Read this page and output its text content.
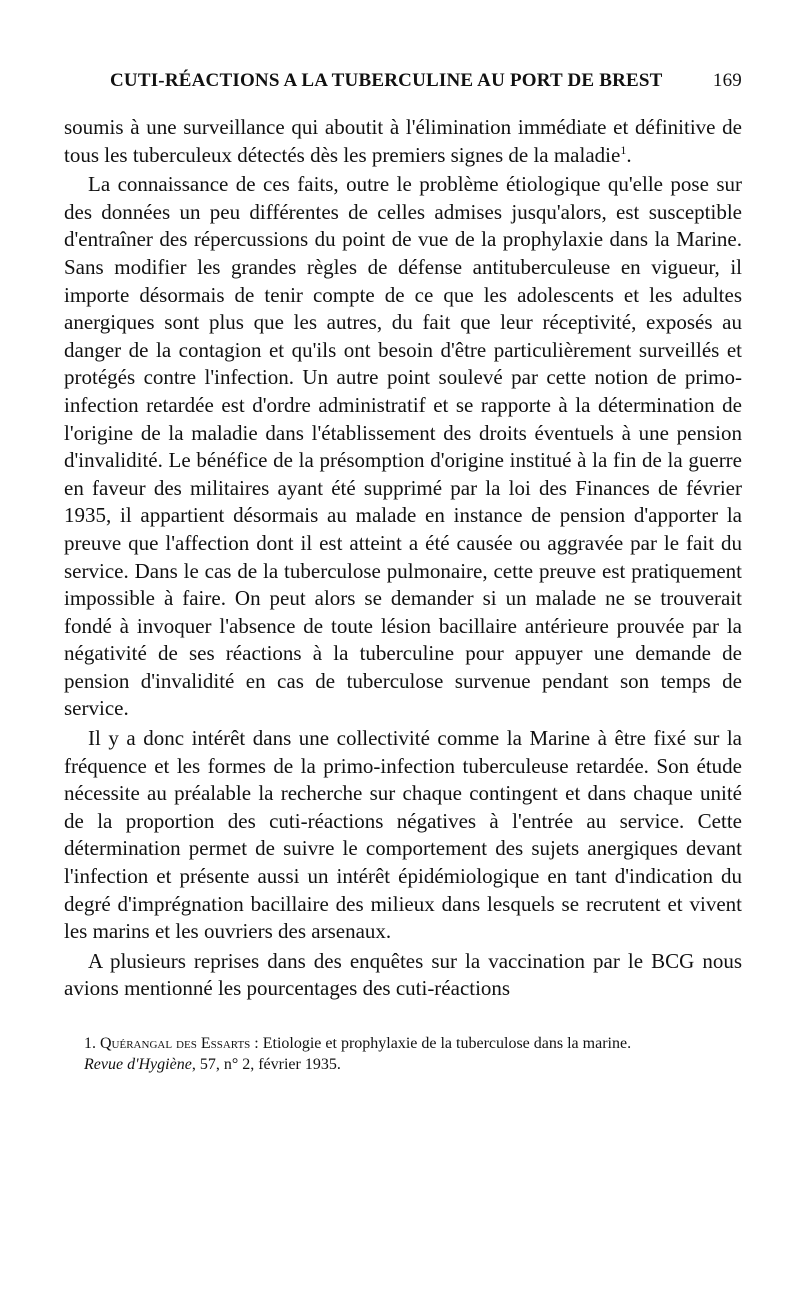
CUTI-RÉACTIONS A LA TUBERCULINE AU PORT DE BREST	169

soumis à une surveillance qui aboutit à l'élimination immédiate et définitive de tous les tuberculeux détectés dès les premiers signes de la maladie$^1$.

La connaissance de ces faits, outre le problème étiologique qu'elle pose sur des données un peu différentes de celles admises jusqu'alors, est susceptible d'entraîner des répercussions du point de vue de la prophylaxie dans la Marine. Sans modifier les grandes règles de défense antituberculeuse en vigueur, il importe désormais de tenir compte de ce que les adolescents et les adultes anergiques sont plus que les autres, du fait que leur réceptivité, exposés au danger de la contagion et qu'ils ont besoin d'être particulièrement surveillés et protégés contre l'infection. Un autre point soulevé par cette notion de primo-infection retardée est d'ordre administratif et se rapporte à la détermination de l'origine de la maladie dans l'établissement des droits éventuels à une pension d'invalidité. Le bénéfice de la présomption d'origine institué à la fin de la guerre en faveur des militaires ayant été supprimé par la loi des Finances de février 1935, il appartient désormais au malade en instance de pension d'apporter la preuve que l'affection dont il est atteint a été causée ou aggravée par le fait du service. Dans le cas de la tuberculose pulmonaire, cette preuve est pratiquement impossible à faire. On peut alors se demander si un malade ne se trouverait fondé à invoquer l'absence de toute lésion bacillaire antérieure prouvée par la négativité de ses réactions à la tuberculine pour appuyer une demande de pension d'invalidité en cas de tuberculose survenue pendant son temps de service.

Il y a donc intérêt dans une collectivité comme la Marine à être fixé sur la fréquence et les formes de la primo-infection tuberculeuse retardée. Son étude nécessite au préalable la recherche sur chaque contingent et dans chaque unité de la proportion des cuti-réactions négatives à l'entrée au service. Cette détermination permet de suivre le comportement des sujets anergiques devant l'infection et présente aussi un intérêt épidémiologique en tant d'indication du degré d'imprégnation bacillaire des milieux dans lesquels se recrutent et vivent les marins et les ouvriers des arsenaux.

A plusieurs reprises dans des enquêtes sur la vaccination par le BCG nous avions mentionné les pourcentages des cuti-réactions

1. Quérangal des Essarts : Etiologie et prophylaxie de la tuberculose dans la marine.
Revue d'Hygiène, 57, n° 2, février 1935.
